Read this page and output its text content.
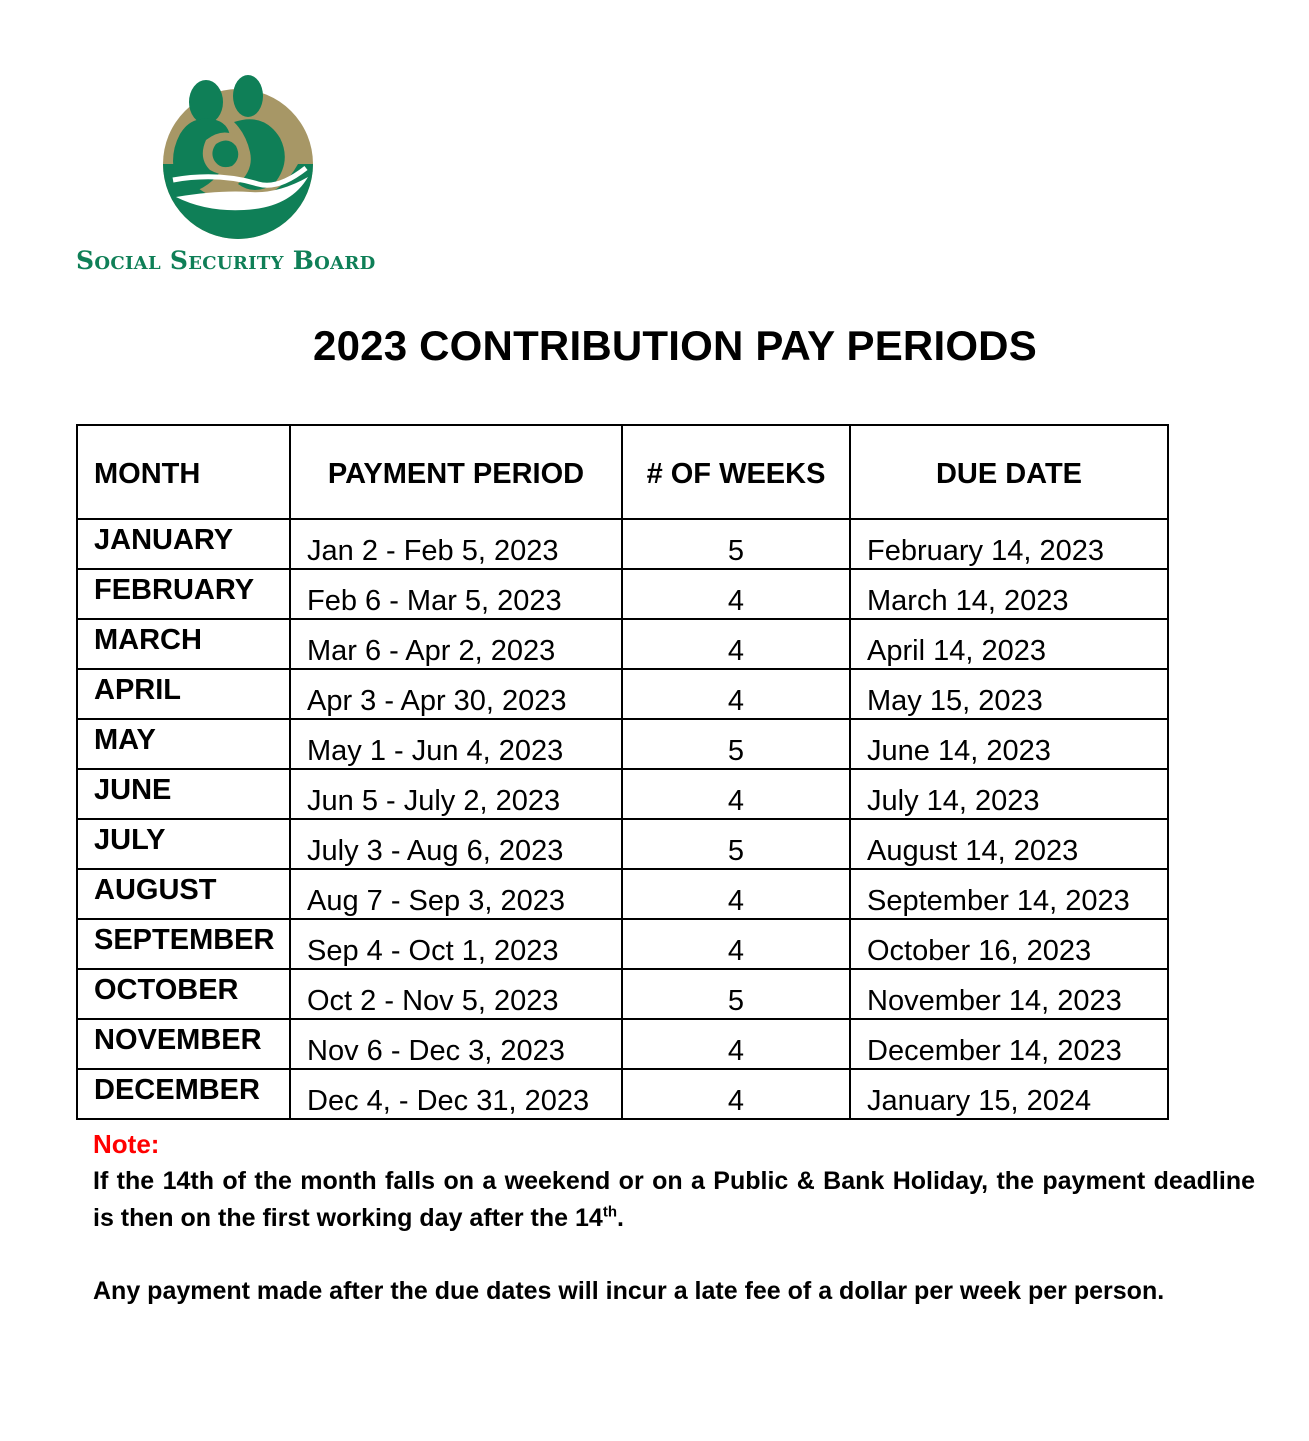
Social Security Board
2023 CONTRIBUTION PAY PERIODS
MONTH	PAYMENT PERIOD	# OF WEEKS	DUE DATE
JANUARY	Jan 2 - Feb 5, 2023	5	February 14, 2023
FEBRUARY	Feb 6 - Mar 5, 2023	4	March 14, 2023
MARCH	Mar 6 - Apr 2, 2023	4	April 14, 2023
APRIL	Apr 3 - Apr 30, 2023	4	May 15, 2023
MAY	May 1 - Jun 4, 2023	5	June 14, 2023
JUNE	Jun 5 - July 2, 2023	4	July 14, 2023
JULY	July 3 - Aug 6, 2023	5	August 14, 2023
AUGUST	Aug 7 - Sep 3, 2023	4	September 14, 2023
SEPTEMBER	Sep 4 - Oct 1, 2023	4	October 16, 2023
OCTOBER	Oct 2 - Nov 5, 2023	5	November 14, 2023
NOVEMBER	Nov 6 - Dec 3, 2023	4	December 14, 2023
DECEMBER	Dec 4, - Dec 31, 2023	4	January 15, 2024
Note:
If the 14th of the month falls on a weekend or on a Public & Bank Holiday, the payment deadline is then on the first working day after the 14th.
Any payment made after the due dates will incur a late fee of a dollar per week per person.
